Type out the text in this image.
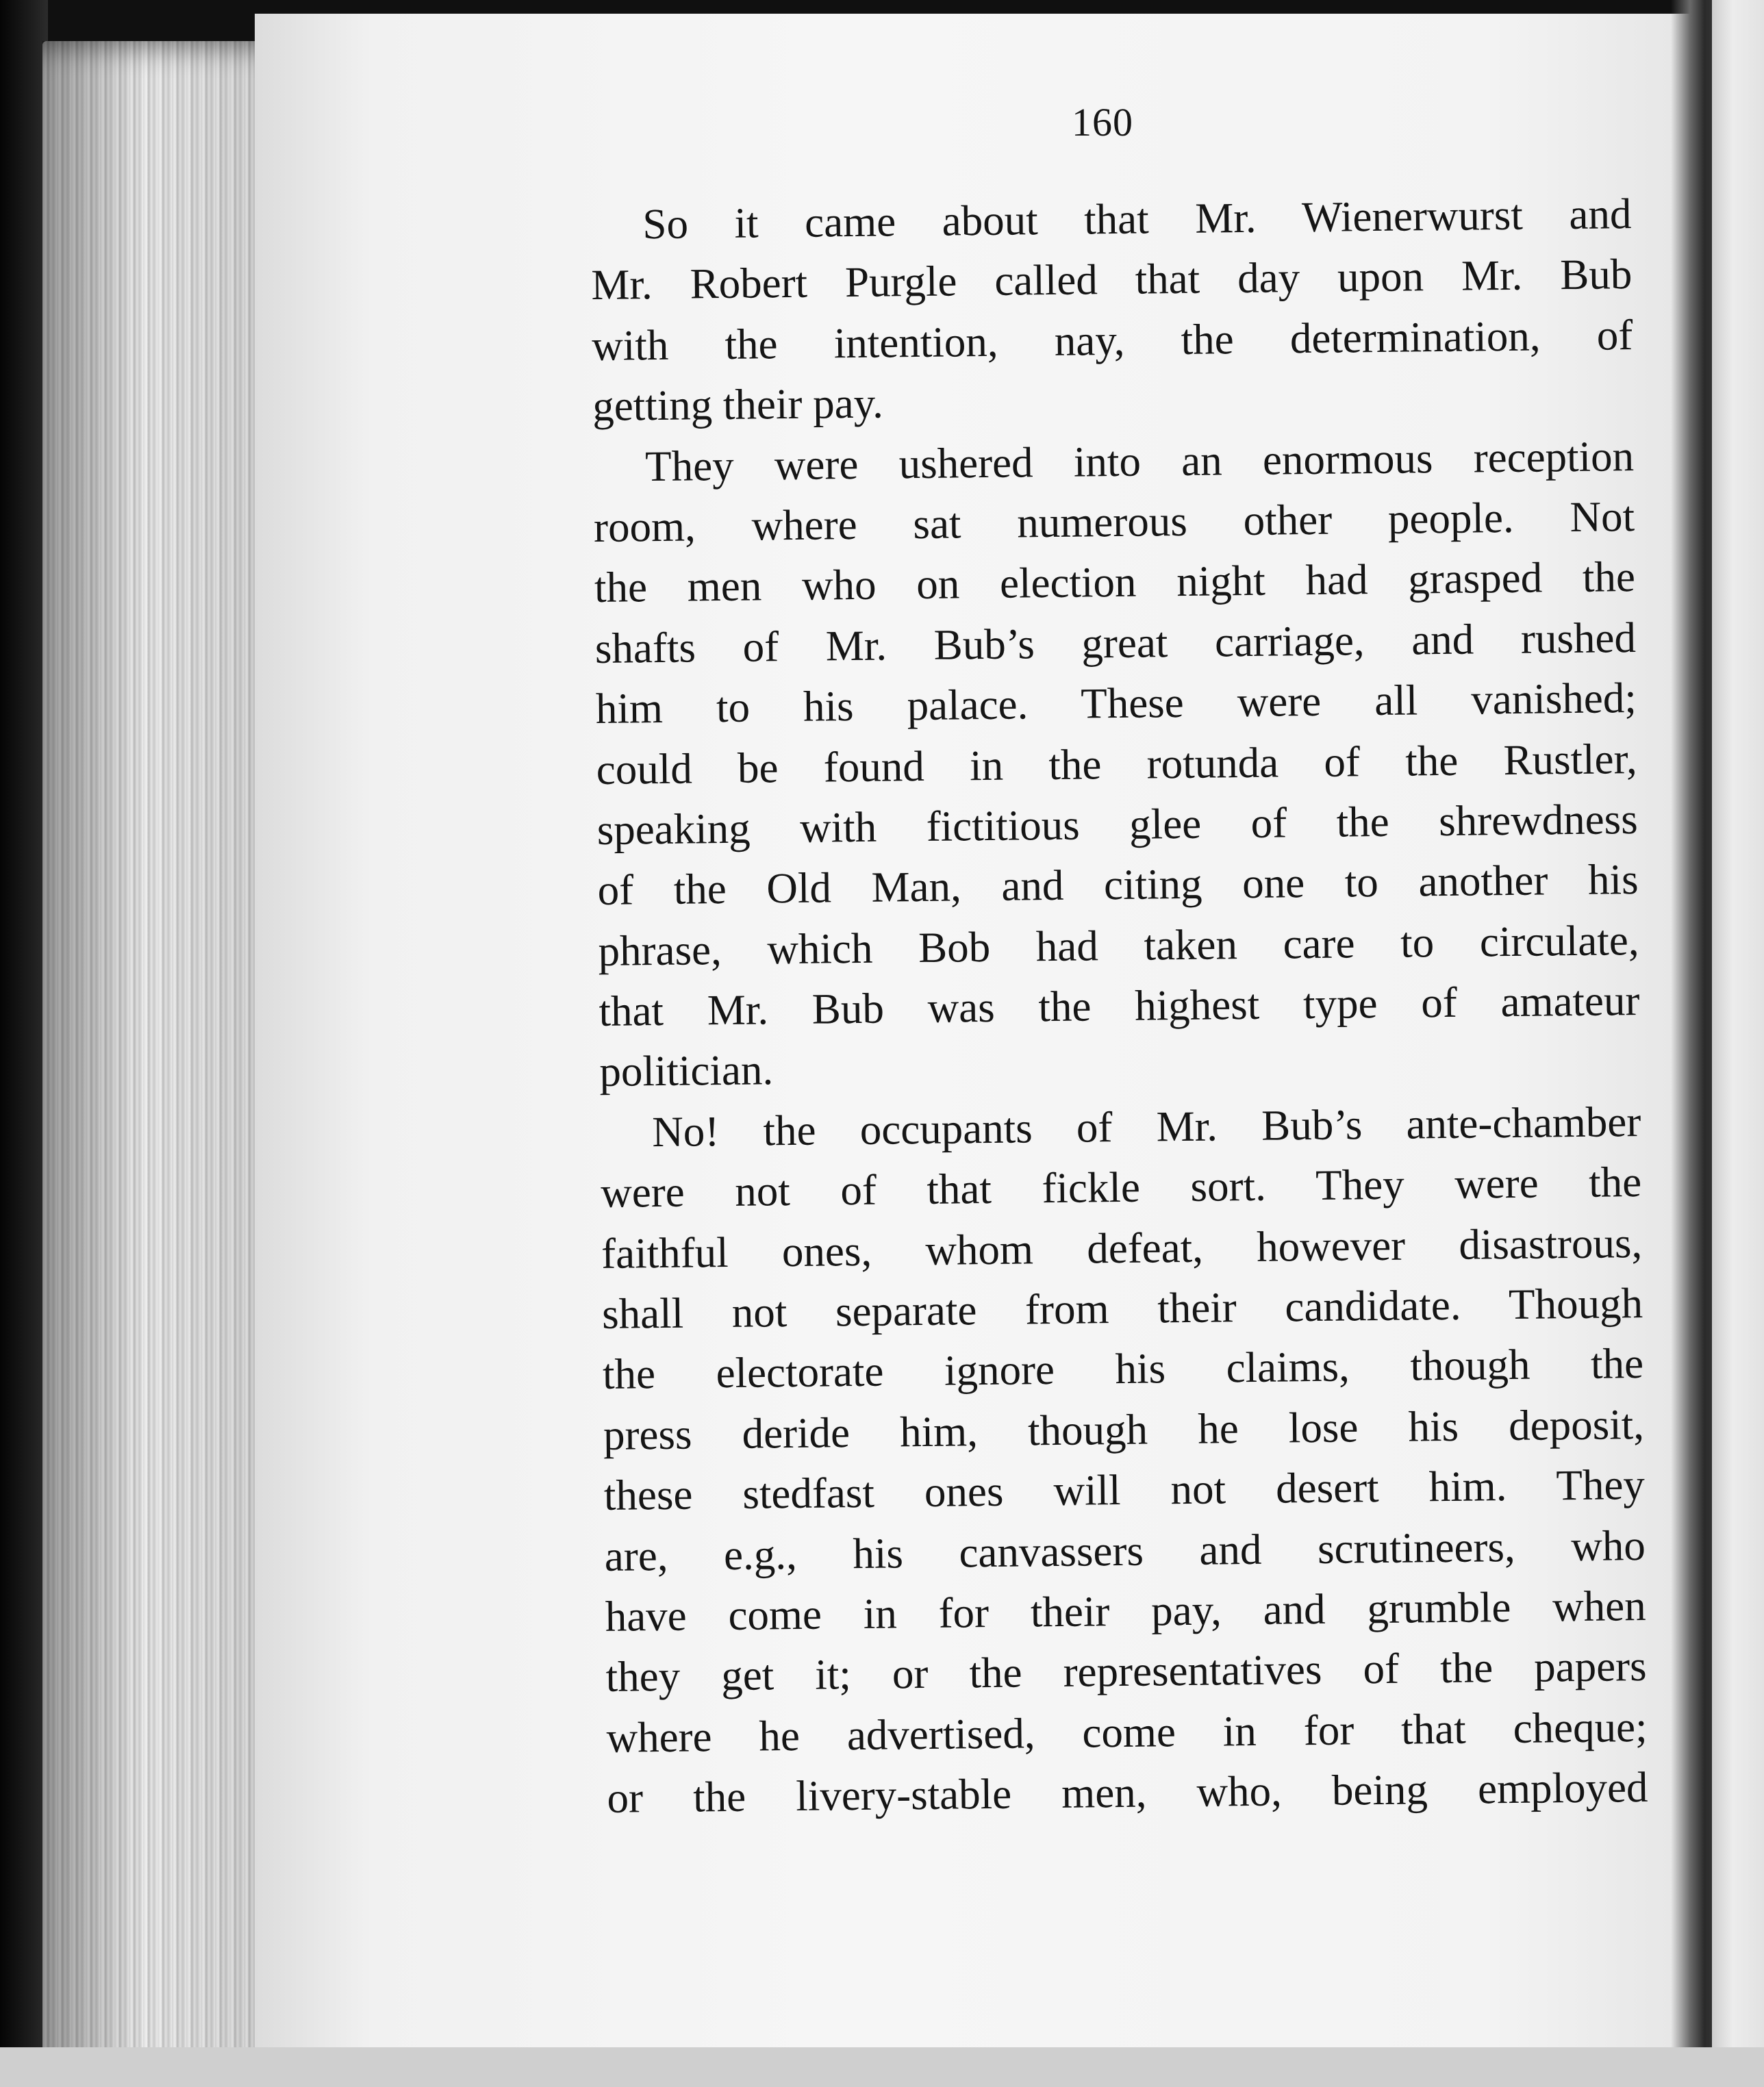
160

So it came about that Mr. Wienerwurst and
Mr. Robert Purgle called that day upon Mr. Bub
with the intention, nay, the determination, of
getting their pay.

They were ushered into an enormous reception
room, where sat numerous other people. Not
the men who on election night had grasped the
shafts of Mr. Bub’s great carriage, and rushed
him to his palace. These were all vanished;
could be found in the rotunda of the Rustler,
speaking with fictitious glee of the shrewdness
of the Old Man, and citing one to another his
phrase, which Bob had taken care to circulate,
that Mr. Bub was the highest type of amateur
politician.

No! the occupants of Mr. Bub’s ante-chamber
were not of that fickle sort. They were the
faithful ones, whom defeat, however disastrous,
shall not separate from their candidate. Though
the electorate ignore his claims, though the
press deride him, though he lose his deposit,
these stedfast ones will not desert him. They
are, e.g., his canvassers and scrutineers, who
have come in for their pay, and grumble when
they get it; or the representatives of the papers
where he advertised, come in for that cheque;
or the livery-stable men, who, being employed
